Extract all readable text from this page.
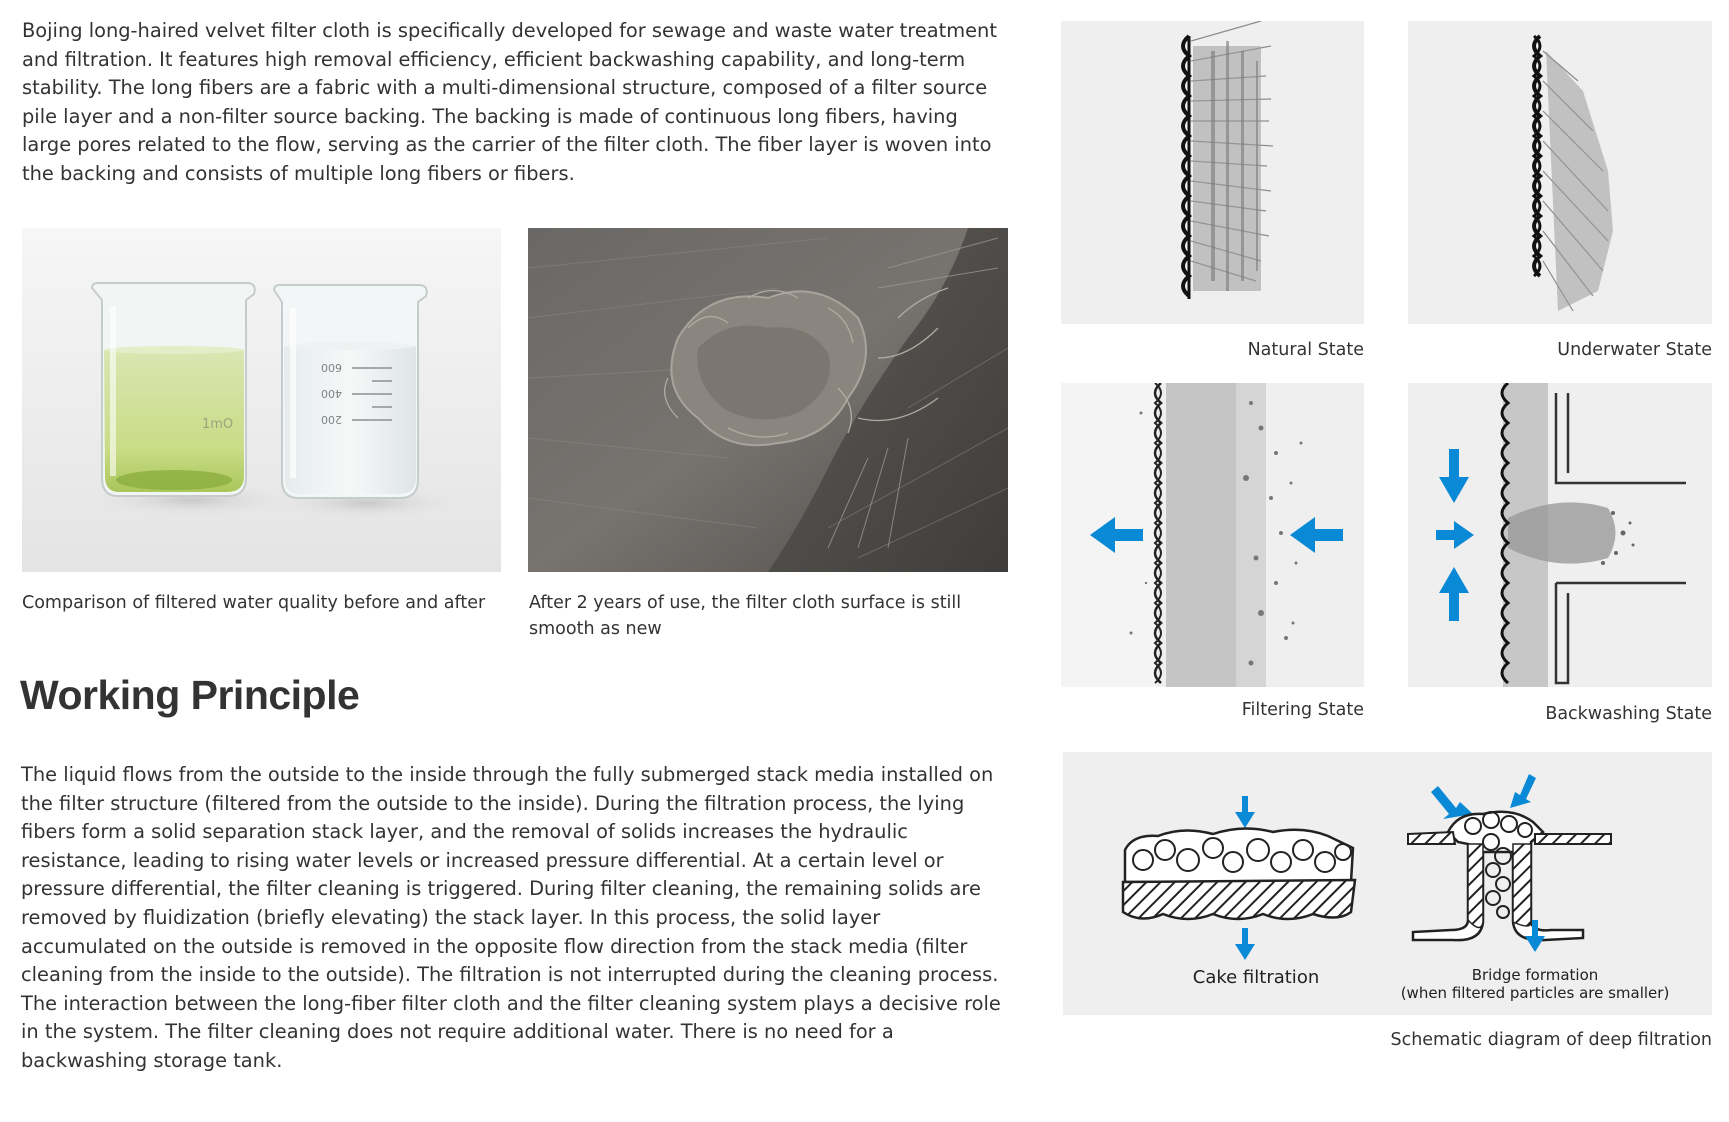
Bojing long-haired velvet filter cloth is specifically developed for sewage and waste water treatment and filtration. It features high removal efficiency, efficient backwashing capability, and long-term stability. The long fibers are a fabric with a multi-dimensional structure, composed of a filter source pile layer and a non-filter source backing. The backing is made of continuous long fibers, having large pores related to the flow, serving as the carrier of the filter cloth. The fiber layer is woven into the backing and consists of multiple long fibers or fibers.

1mO
600
400
200
Comparison of filtered water quality before and after	After 2 years of use, the filter cloth surface is still smooth as new
Working Principle

The liquid flows from the outside to the inside through the fully submerged stack media installed on the filter structure (filtered from the outside to the inside). During the filtration process, the lying fibers form a solid separation stack layer, and the removal of solids increases the hydraulic resistance, leading to rising water levels or increased pressure differential. At a certain level or pressure differential, the filter cleaning is triggered. During filter cleaning, the remaining solids are removed by fluidization (briefly elevating) the stack layer. In this process, the solid layer accumulated on the outside is removed in the opposite flow direction from the stack media (filter cleaning from the inside to the outside). The filtration is not interrupted during the cleaning process. The interaction between the long-fiber filter cloth and the filter cleaning system plays a decisive role in the system. The filter cleaning does not require additional water. There is no need for a backwashing storage tank.

Natural State	Underwater State
Filtering State	Backwashing State
Cake filtration	Bridge formation
(when filtered particles are smaller)
Schematic diagram of deep filtration
